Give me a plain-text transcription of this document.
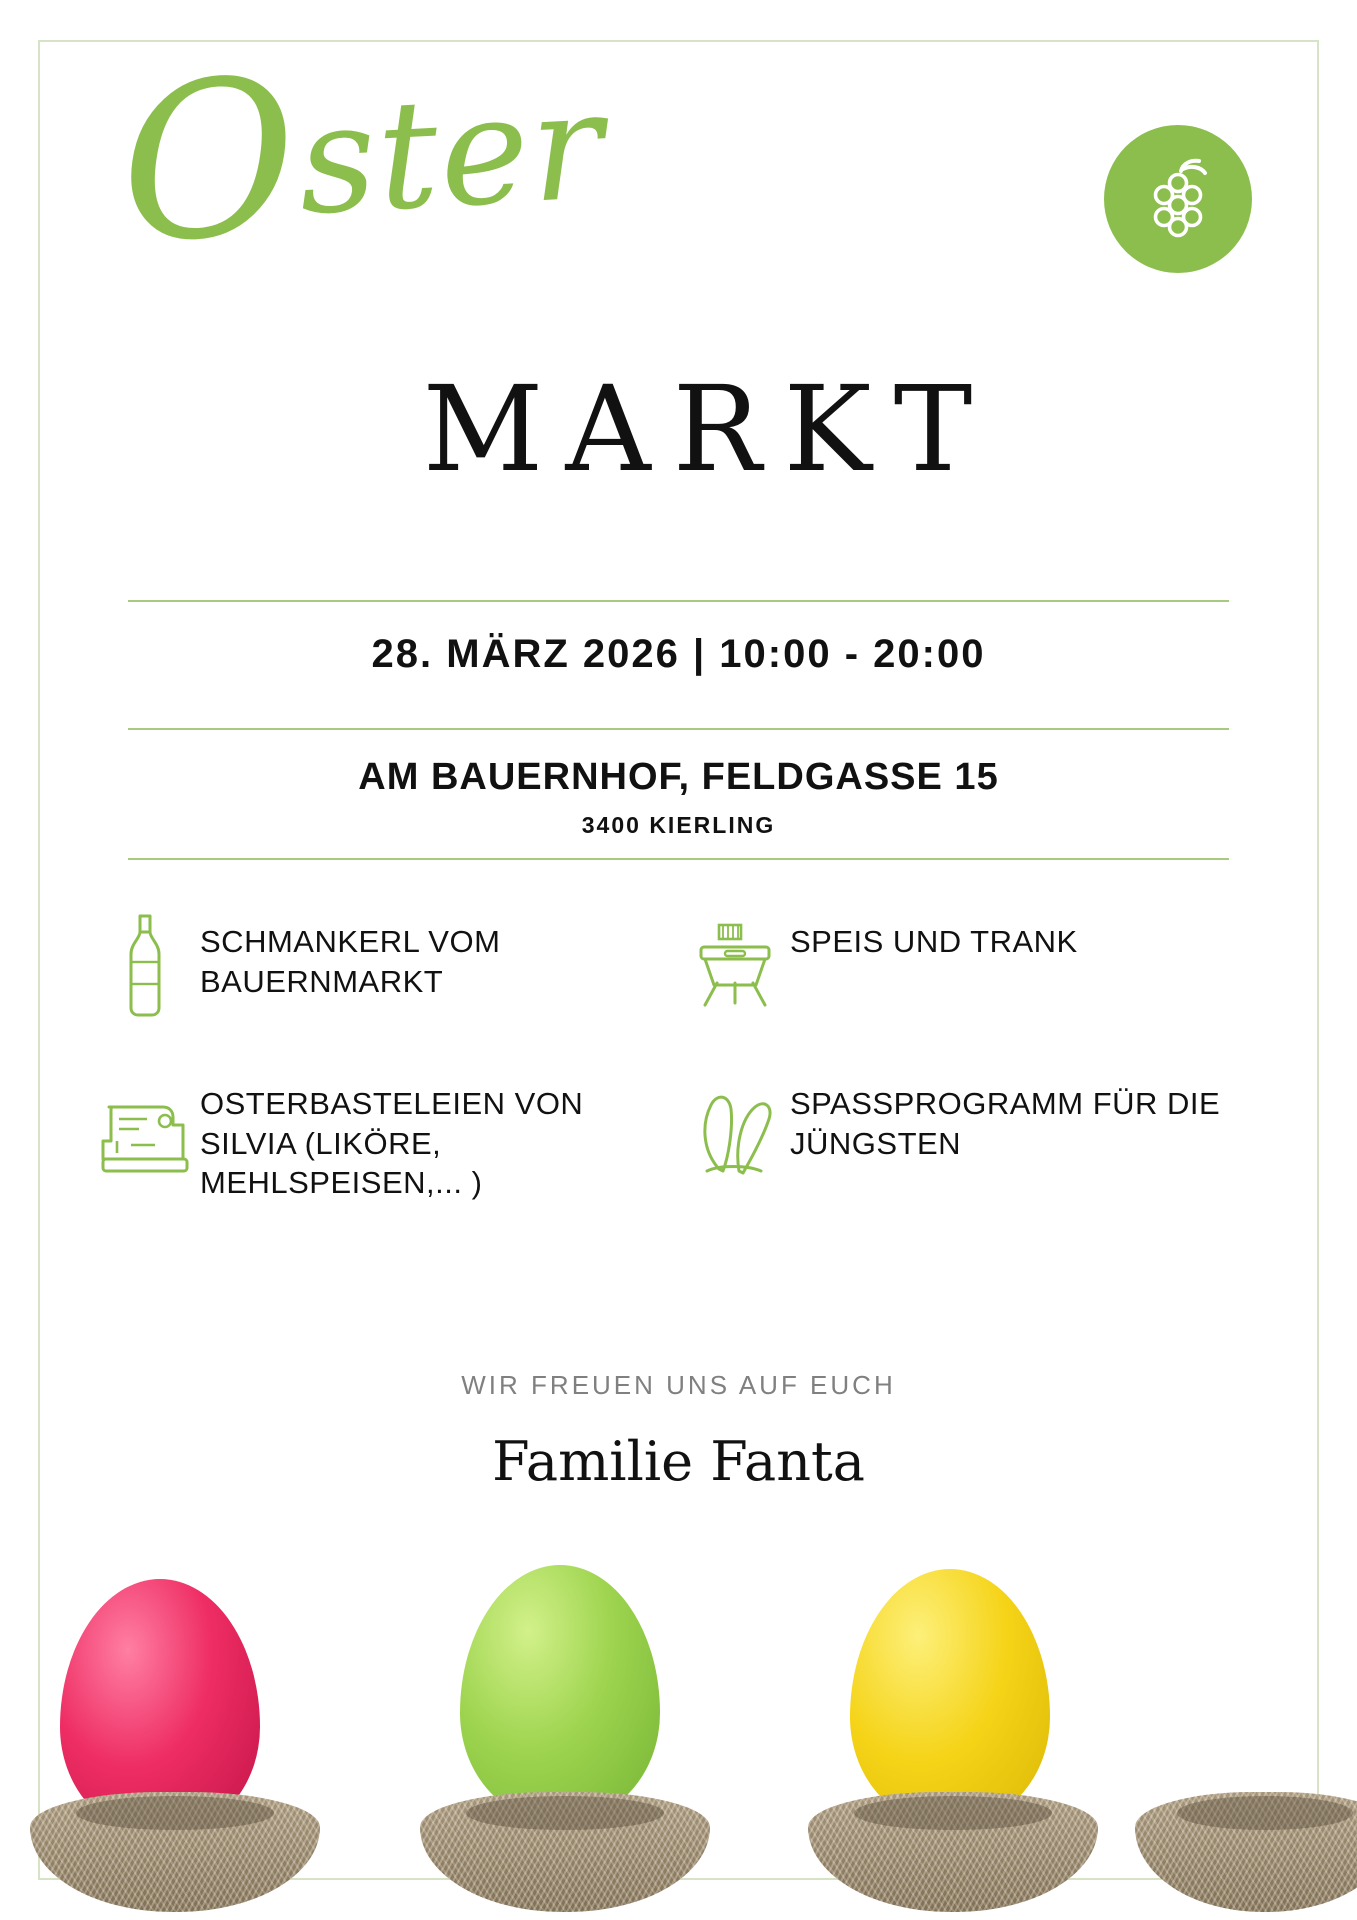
Oster
MARKT
28. MÄRZ 2026 | 10:00 - 20:00
AM BAUERNHOF, FELDGASSE 15
3400 KIERLING
SCHMANKERL VOM BAUERNMARKT
SPEIS UND TRANK
OSTERBASTELEIEN VON SILVIA (LIKÖRE, MEHLSPEISEN,... )
SPASSPROGRAMM FÜR DIE JÜNGSTEN
WIR FREUEN UNS AUF EUCH
Familie Fanta
